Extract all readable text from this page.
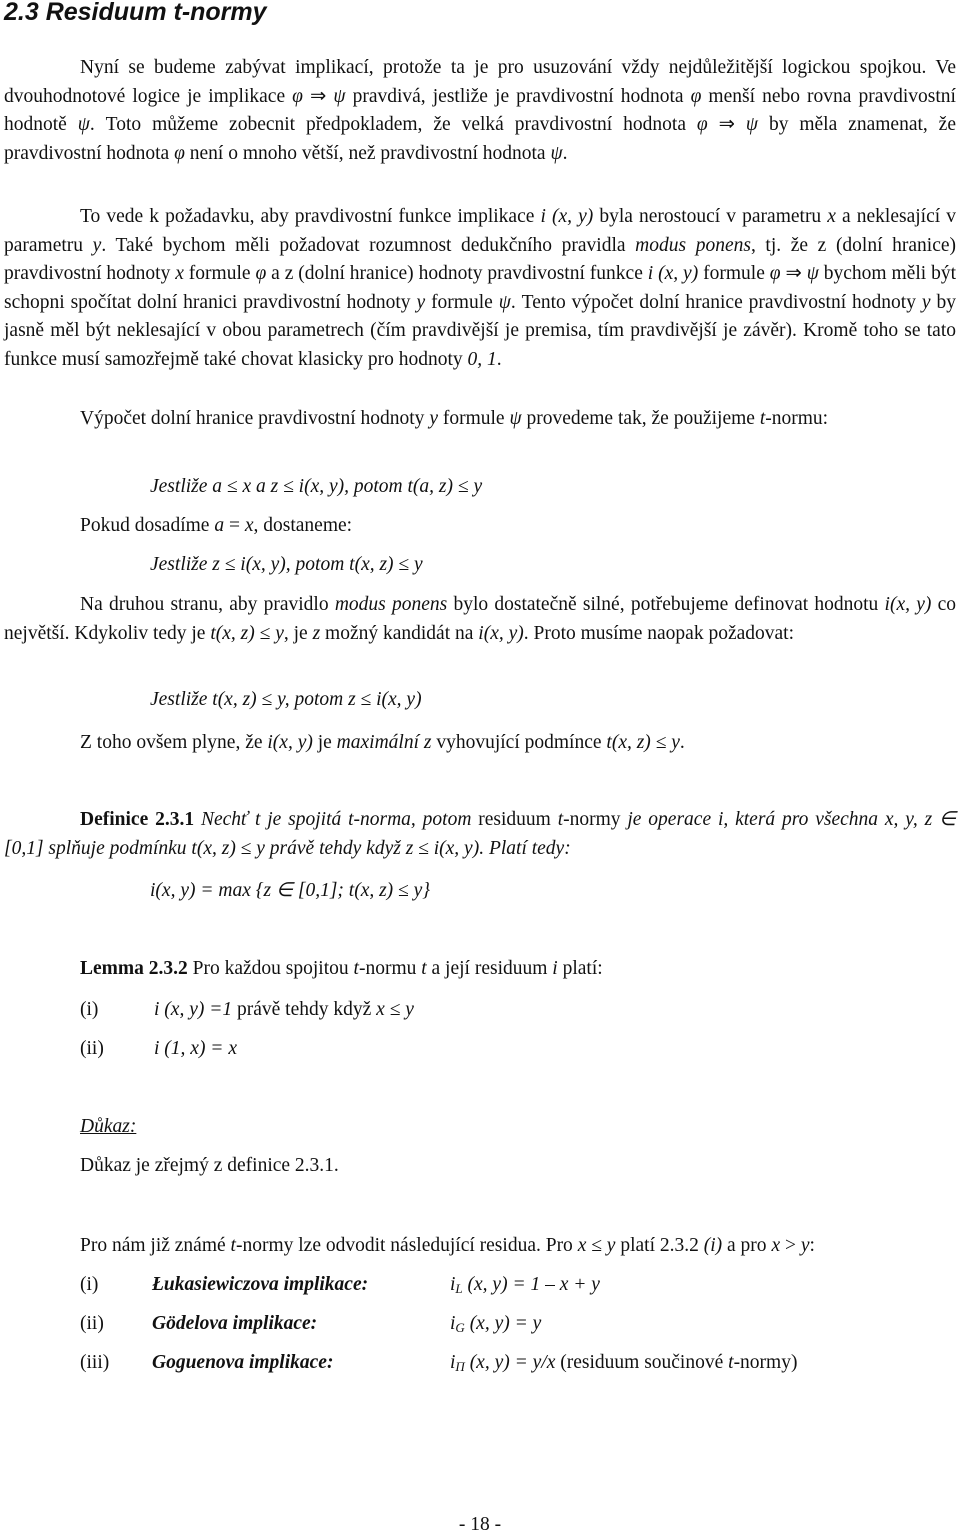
2.3 Residuum t-normy

Nyní se budeme zabývat implikací, protože ta je pro usuzování vždy nejdůležitější logickou spojkou. Ve dvouhodnotové logice je implikace φ ⇒ ψ pravdivá, jestliže je pravdivostní hodnota φ menší nebo rovna pravdivostní hodnotě ψ. Toto můžeme zobecnit předpokladem, že velká pravdivostní hodnota φ ⇒ ψ by měla znamenat, že pravdivostní hodnota φ není o mnoho větší, než pravdivostní hodnota ψ.

To vede k požadavku, aby pravdivostní funkce implikace i (x, y) byla nerostoucí v parametru x a neklesající v parametru y. Také bychom měli požadovat rozumnost dedukčního pravidla modus ponens, tj. že z (dolní hranice) pravdivostní hodnoty x formule φ a z (dolní hranice) hodnoty pravdivostní funkce i (x, y) formule φ ⇒ ψ bychom měli být schopni spočítat dolní hranici pravdivostní hodnoty y formule ψ. Tento výpočet dolní hranice pravdivostní hodnoty y by jasně měl být neklesající v obou parametrech (čím pravdivější je premisa, tím pravdivější je závěr). Kromě toho se tato funkce musí samozřejmě také chovat klasicky pro hodnoty 0, 1.

Výpočet dolní hranice pravdivostní hodnoty y formule ψ provedeme tak, že použijeme t-normu:

Jestliže a ≤ x a z ≤ i(x, y), potom t(a, z) ≤ y
Pokud dosadíme a = x, dostaneme:
Jestliže z ≤ i(x, y), potom t(x, z) ≤ y

Na druhou stranu, aby pravidlo modus ponens bylo dostatečně silné, potřebujeme definovat hodnotu i(x, y) co největší. Kdykoliv tedy je t(x, z) ≤ y, je z možný kandidát na i(x, y). Proto musíme naopak požadovat:

Jestliže t(x, z) ≤ y, potom z ≤ i(x, y)
Z toho ovšem plyne, že i(x, y) je maximální z vyhovující podmínce t(x, z) ≤ y.

Definice 2.3.1 Nechť t je spojitá t-norma, potom residuum t-normy je operace i, která pro všechna x, y, z ∈ [0,1] splňuje podmínku t(x, z) ≤ y právě tehdy když z ≤ i(x, y). Platí tedy:

i(x, y) = max {z ∈ [0,1]; t(x, z) ≤ y}
Lemma 2.3.2 Pro každou spojitou t-normu t a její residuum i platí:
(i)	i (x, y) =1 právě tehdy když x ≤ y
(ii)	i (1, x) = x
Důkaz:
Důkaz je zřejmý z definice 2.3.1.
Pro nám již známé t-normy lze odvodit následující residua. Pro x ≤ y platí 2.3.2 (i) a pro x > y:
(i)	Łukasiewiczova implikace:	$i_L$ (x, y) = 1 – x + y
(ii) Gödelova implikace:	$i_G$ (x, y) = y
(iii) Goguenova implikace:	$i_\Pi$ (x, y) = y/x (residuum součinové t-normy)
- 18 -
